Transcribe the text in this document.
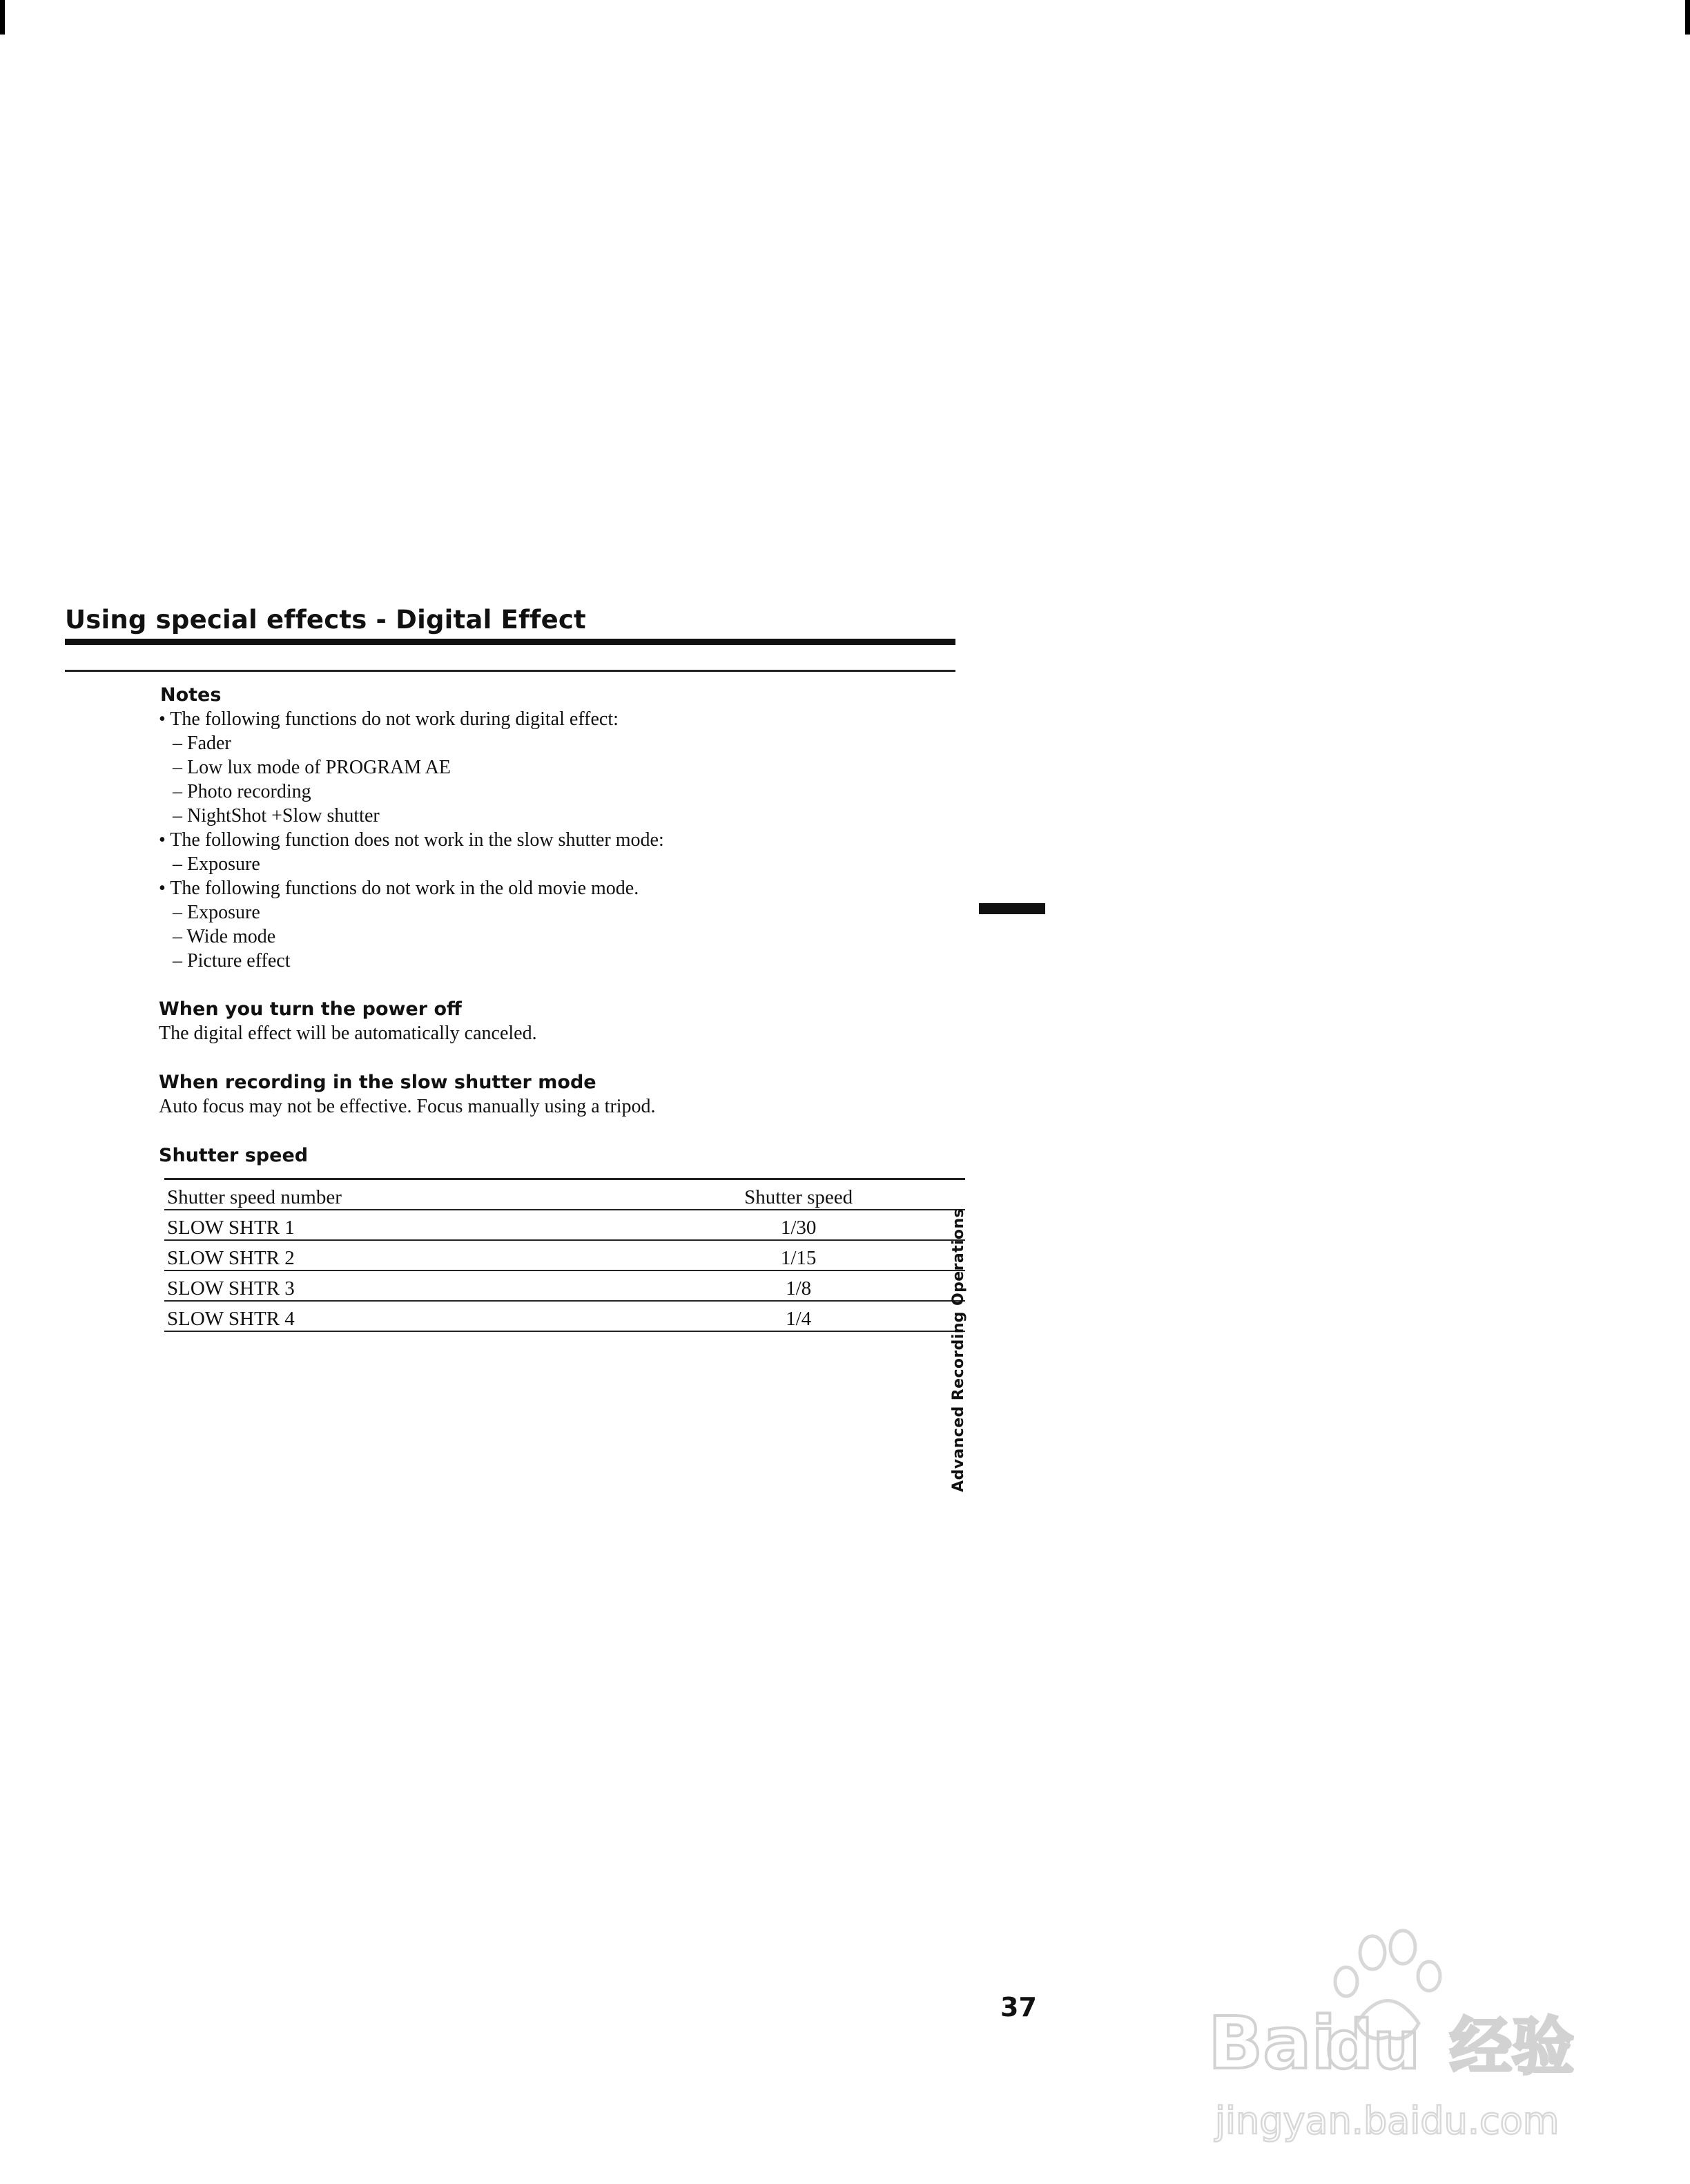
Using special effects - Digital Effect
Notes
• The following functions do not work during digital effect:
– Fader
– Low lux mode of PROGRAM AE
– Photo recording
– NightShot +Slow shutter
• The following function does not work in the slow shutter mode:
– Exposure
• The following functions do not work in the old movie mode.
– Exposure
– Wide mode
– Picture effect
When you turn the power off
The digital effect will be automatically canceled.
When recording in the slow shutter mode
Auto focus may not be effective. Focus manually using a tripod.
Shutter speed
Shutter speed number	Shutter speed
SLOW SHTR 1	1/30
SLOW SHTR 2	1/15
SLOW SHTR 3	1/8
SLOW SHTR 4	1/4	Advanced Recording Operations
37 Bai
du 经验
jingyan.baidu.com
